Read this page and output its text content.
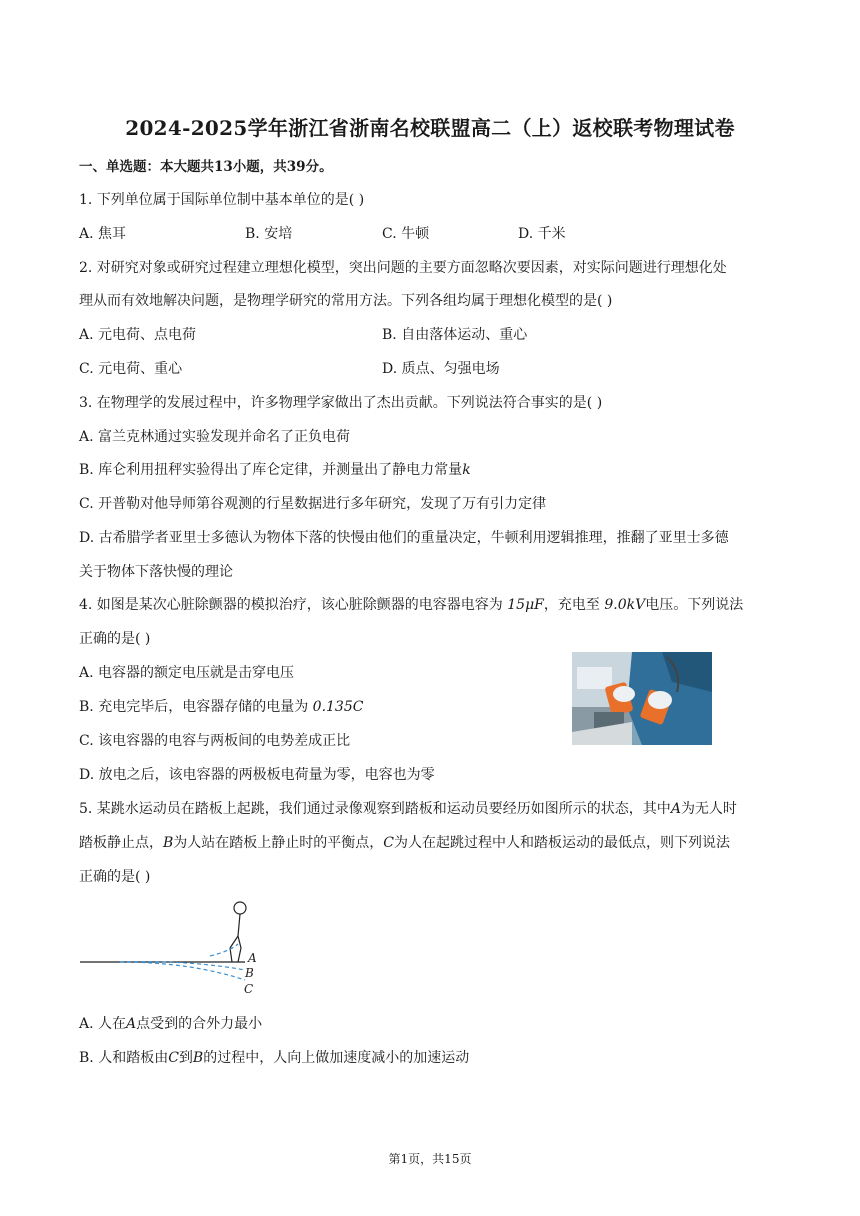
2024-2025学年浙江省浙南名校联盟高二（上）返校联考物理试卷
一、单选题：本大题共13小题，共39分。
1. 下列单位属于国际单位制中基本单位的是( )
A. 焦耳	B. 安培	C. 牛顿	D. 千米
2. 对研究对象或研究过程建立理想化模型，突出问题的主要方面忽略次要因素，对实际问题进行理想化处
理从而有效地解决问题，是物理学研究的常用方法。下列各组均属于理想化模型的是( )
A. 元电荷、点电荷	B. 自由落体运动、重心
C. 元电荷、重心	D. 质点、匀强电场
3. 在物理学的发展过程中，许多物理学家做出了杰出贡献。下列说法符合事实的是( )
A. 富兰克林通过实验发现并命名了正负电荷
B. 库仑利用扭秤实验得出了库仑定律，并测量出了静电力常量k
C. 开普勒对他导师第谷观测的行星数据进行多年研究，发现了万有引力定律
D. 古希腊学者亚里士多德认为物体下落的快慢由他们的重量决定，牛顿利用逻辑推理，推翻了亚里士多德
关于物体下落快慢的理论
4. 如图是某次心脏除颤器的模拟治疗，该心脏除颤器的电容器电容为 15μF，充电至 9.0kV电压。下列说法
正确的是( )
A. 电容器的额定电压就是击穿电压
B. 充电完毕后，电容器存储的电量为 0.135C
C. 该电容器的电容与两板间的电势差成正比
D. 放电之后，该电容器的两极板电荷量为零，电容也为零
5. 某跳水运动员在踏板上起跳，我们通过录像观察到踏板和运动员要经历如图所示的状态，其中A为无人时
踏板静止点，B为人站在踏板上静止时的平衡点，C为人在起跳过程中人和踏板运动的最低点，则下列说法
正确的是( )
A
B
C
A. 人在A点受到的合外力最小
B. 人和踏板由C到B的过程中，人向上做加速度减小的加速运动
第1页，共15页
